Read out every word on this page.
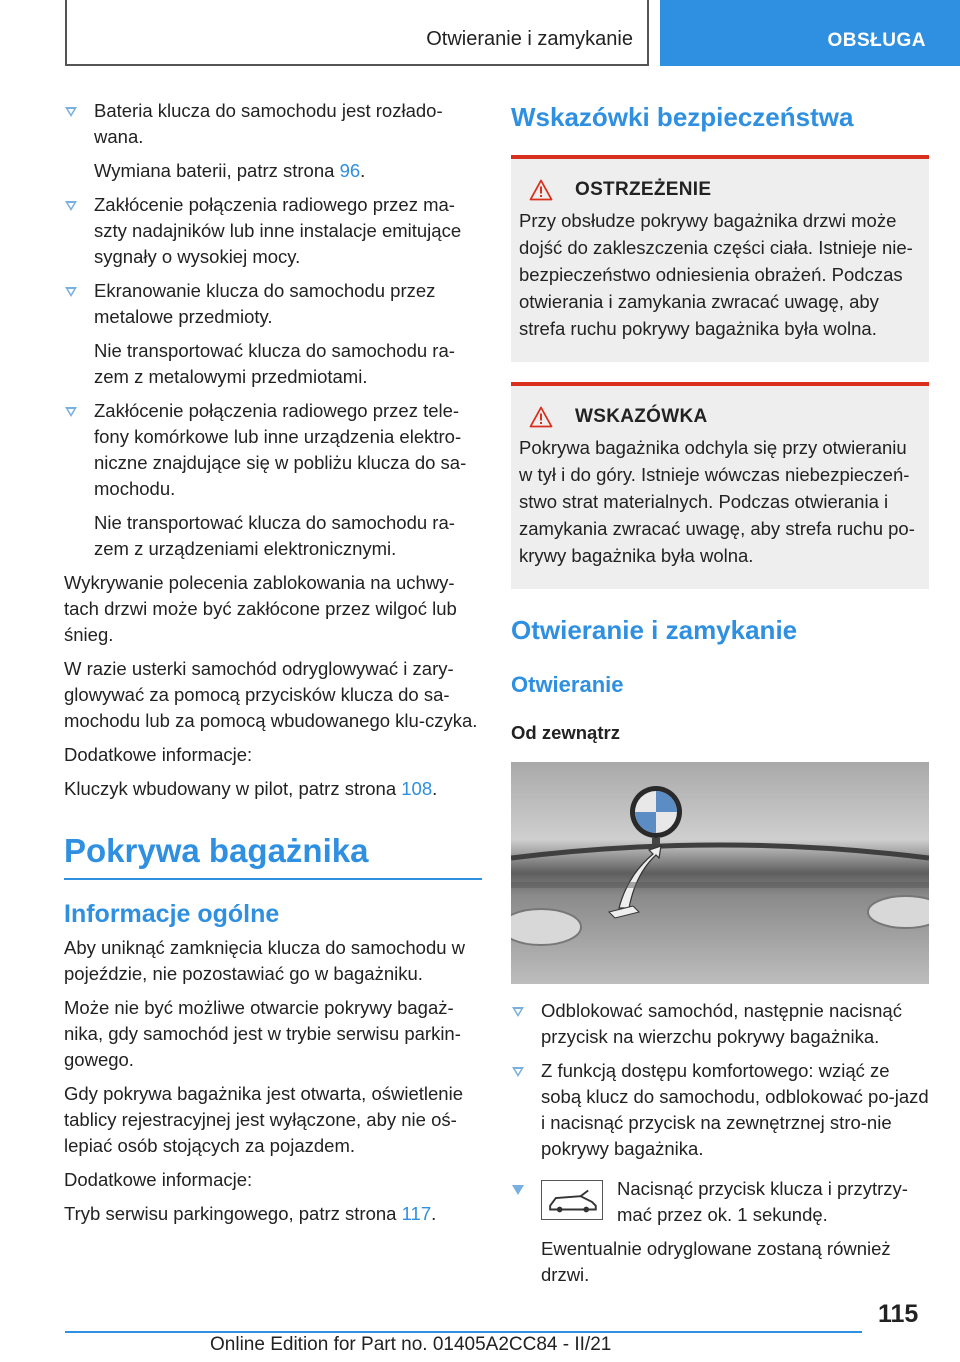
Otwieranie i zamykanie	OBSŁUGA
Bateria klucza do samochodu jest rozłado-wana.
Wymiana baterii, patrz strona 96.
Zakłócenie połączenia radiowego przez ma-szty nadajników lub inne instalacje emitujące sygnały o wysokiej mocy.
Ekranowanie klucza do samochodu przez metalowe przedmioty.
Nie transportować klucza do samochodu ra-zem z metalowymi przedmiotami.
Zakłócenie połączenia radiowego przez tele-fony komórkowe lub inne urządzenia elektro-niczne znajdujące się w pobliżu klucza do sa-mochodu.
Nie transportować klucza do samochodu ra-zem z urządzeniami elektronicznymi.
Wykrywanie polecenia zablokowania na uchwy-tach drzwi może być zakłócone przez wilgoć lub śnieg.
W razie usterki samochód odryglowywać i zary-glowywać za pomocą przycisków klucza do sa-mochodu lub za pomocą wbudowanego klu-czyka.
Dodatkowe informacje:
Kluczyk wbudowany w pilot, patrz strona 108.
Pokrywa bagażnika
Informacje ogólne
Aby uniknąć zamknięcia klucza do samochodu w pojeździe, nie pozostawiać go w bagażniku.
Może nie być możliwe otwarcie pokrywy bagaż-nika, gdy samochód jest w trybie serwisu parkin-gowego.
Gdy pokrywa bagażnika jest otwarta, oświetlenie tablicy rejestracyjnej jest wyłączone, aby nie oś-lepiać osób stojących za pojazdem.
Dodatkowe informacje:
Tryb serwisu parkingowego, patrz strona 117.
Wskazówki bezpieczeństwa
OSTRZEŻENIE
Przy obsłudze pokrywy bagażnika drzwi może dojść do zakleszczenia części ciała. Istnieje nie-bezpieczeństwo odniesienia obrażeń. Podczas otwierania i zamykania zwracać uwagę, aby strefa ruchu pokrywy bagażnika była wolna.
WSKAZÓWKA
Pokrywa bagażnika odchyla się przy otwieraniu w tył i do góry. Istnieje wówczas niebezpieczeń-stwo strat materialnych. Podczas otwierania i zamykania zwracać uwagę, aby strefa ruchu po-krywy bagażnika była wolna.
Otwieranie i zamykanie
Otwieranie
Od zewnątrz
Odblokować samochód, następnie nacisnąć przycisk na wierzchu pokrywy bagażnika.
Z funkcją dostępu komfortowego: wziąć ze sobą klucz do samochodu, odblokować po-jazd i nacisnąć przycisk na zewnętrznej stro-nie pokrywy bagażnika.
Nacisnąć przycisk klucza i przytrzy-mać przez ok. 1 sekundę.
Ewentualnie odryglowane zostaną również drzwi.
115
Online Edition for Part no. 01405A2CC84 - II/21
